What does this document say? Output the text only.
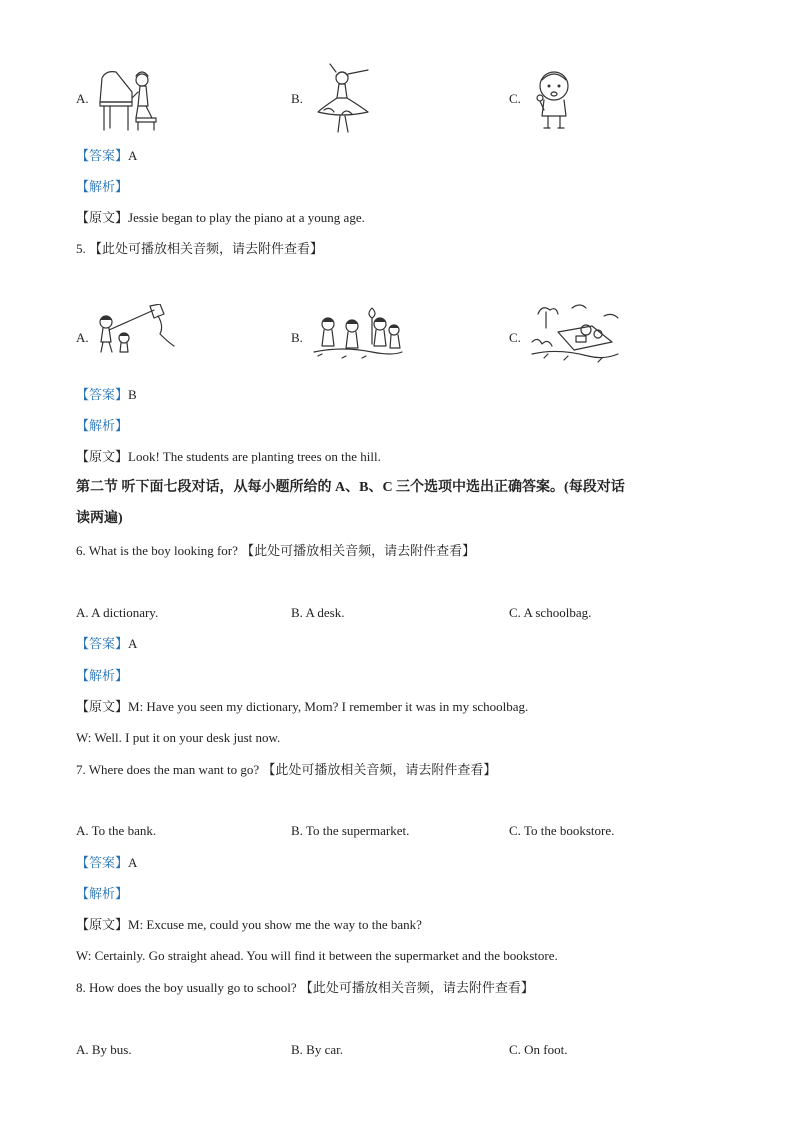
A.	B.	C.
【答案】A
【解析】
【原文】Jessie began to play the piano at a young age.
5. 【此处可播放相关音频，请去附件查看】
A.	B.	C.
【答案】B
【解析】
【原文】Look! The students are planting trees on the hill.
第二节 听下面七段对话，从每小题所给的 A、B、C 三个选项中选出正确答案。(每段对话
读两遍)
6. What is the boy looking for? 【此处可播放相关音频，请去附件查看】
A. A dictionary.	B. A desk.	C. A schoolbag.
【答案】A
【解析】
【原文】M: Have you seen my dictionary, Mom? I remember it was in my schoolbag.
W: Well. I put it on your desk just now.
7. Where does the man want to go? 【此处可播放相关音频，请去附件查看】
A. To the bank.	B. To the supermarket.	C. To the bookstore.
【答案】A
【解析】
【原文】M: Excuse me, could you show me the way to the bank?
W: Certainly. Go straight ahead. You will find it between the supermarket and the bookstore.
8. How does the boy usually go to school? 【此处可播放相关音频，请去附件查看】
A. By bus.	B. By car.	C. On foot.
